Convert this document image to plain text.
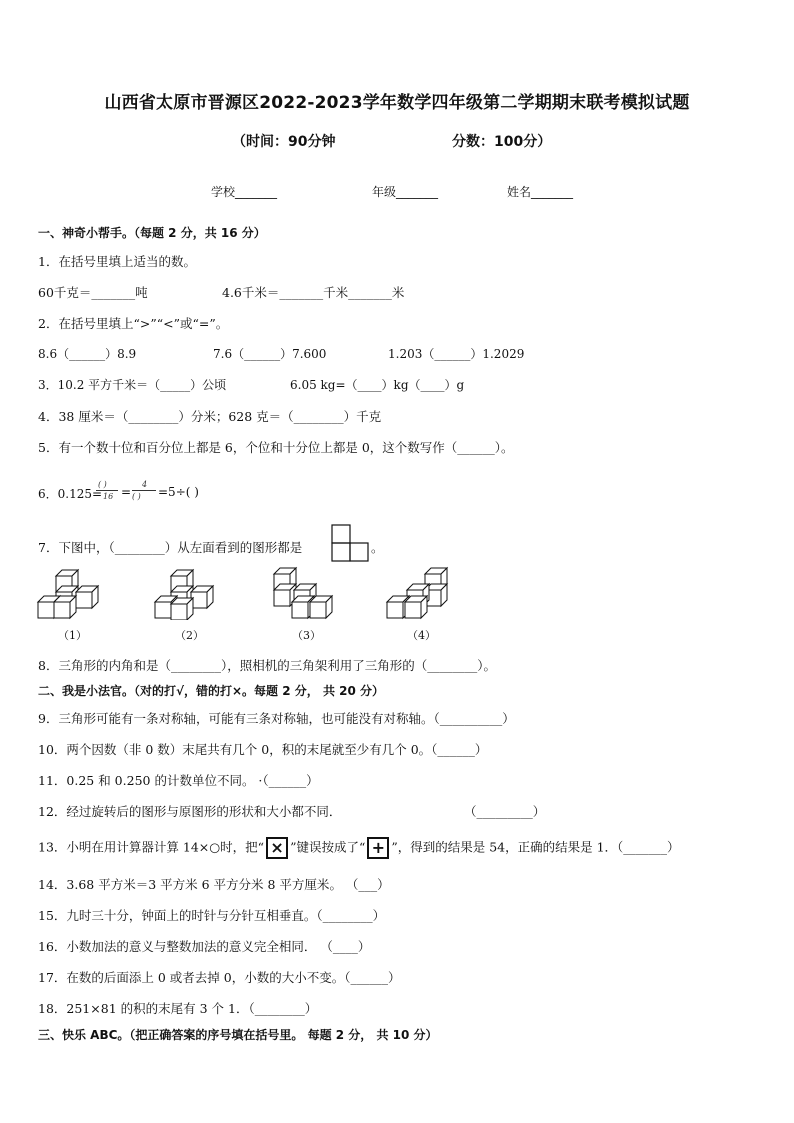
山西省太原市晋源区2022-2023学年数学四年级第二学期期末联考模拟试题
（时间：90分钟	分数：100分）
学校_______	年级_______	姓名_______
一、神奇小帮手。（每题 2 分，共 16 分）
1．在括号里填上适当的数。
60千克＝_______吨	4.6千米＝_______千米_______米
2．在括号里填上“>”“<”或“=”。
8.6（______）8.9	7.6（______）7.600	1.203（______）1.2029
3．10.2 平方千米＝（_____）公顷	6.05 kg=（____）kg（____）g
4．38 厘米＝（________）分米；628 克＝（________）千克
5．有一个数十位和百分位上都是 6，个位和十分位上都是 0，这个数写作（______）。
6．0.125=
( )
16 =
4
( ) =5÷( )
7．下图中，（________）从左面看到的图形都是	。
（1）	（2）	（3）	（4）
8．三角形的内角和是（________），照相机的三角架利用了三角形的（________）。
二、我是小法官。（对的打√，错的打×。每题 2 分， 共 20 分）
9．三角形可能有一条对称轴，可能有三条对称轴，也可能没有对称轴。（__________）
10．两个因数（非 0 数）末尾共有几个 0，积的末尾就至少有几个 0。（______）
11．0.25 和 0.250 的计数单位不同。 ·（______）
12．经过旋转后的图形与原图形的形状和大小都不同．	（_________）
13．小明在用计算器计算 14×○时，把“ × ”键误按成了“ + ”，得到的结果是 54，正确的结果是 1．（_______）
14．3.68 平方米＝3 平方米 6 平方分米 8 平方厘米。 （___）
15．九时三十分，钟面上的时针与分针互相垂直。（________）
16．小数加法的意义与整数加法的意义完全相同． （____）
17．在数的后面添上 0 或者去掉 0，小数的大小不变。（______）
18．251×81 的积的末尾有 3 个 1．（________）
三、快乐 ABC。（把正确答案的序号填在括号里。 每题 2 分， 共 10 分）
